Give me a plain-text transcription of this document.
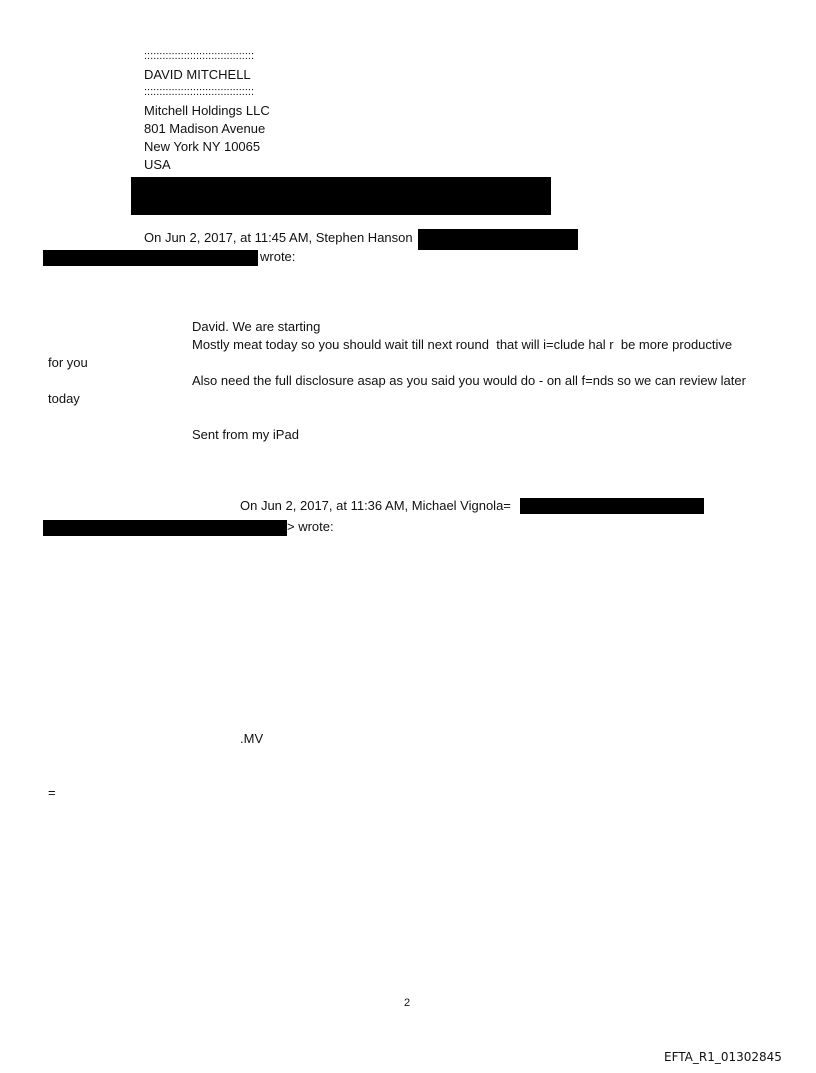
::::::::::::::::::::::::::::::::::::
DAVID MITCHELL
::::::::::::::::::::::::::::::::::::
Mitchell Holdings LLC
801 Madison Avenue
New York NY 10065
USA
On Jun 2, 2017, at 11:45 AM, Stephen Hanson
wrote:
David. We are starting
Mostly meat today so you should wait till next round  that will i=clude hal r  be more productive
for you
Also need the full disclosure asap as you said you would do - on all f=nds so we can review later
today
Sent from my iPad
On Jun 2, 2017, at 11:36 AM, Michael Vignola=
> wrote:
.MV
=
2
EFTA_R1_01302845
